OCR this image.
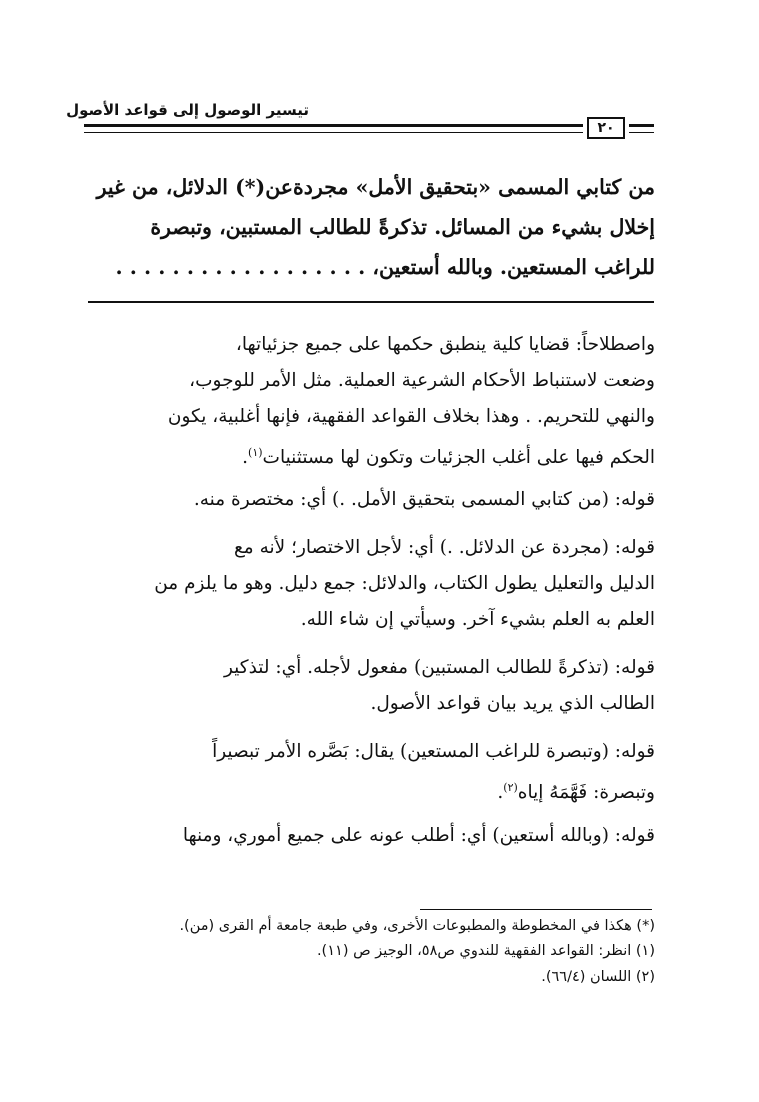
تيسير الوصول إلى قواعد الأصول
٢٠
من كتابي المسمى «بتحقيق الأمل» مجردةعن(*) الدلائل، من غير
إخلال بشيء من المسائل. تذكرةً للطالب المستبين، وتبصرة
للراغب المستعين. وبالله أستعين، . . . . . . . . . . . . . . . . . .
واصطلاحاً: قضايا كلية ينطبق حكمها على جميع جزئياتها،
وضعت لاستنباط الأحكام الشرعية العملية. مثل الأمر للوجوب،
والنهي للتحريم. . وهذا بخلاف القواعد الفقهية، فإنها أغلبية، يكون
الحكم فيها على أغلب الجزئيات وتكون لها مستثنيات$^{(١)}$.
قوله: (من كتابي المسمى بتحقيق الأمل. .) أي: مختصرة منه.
قوله: (مجردة عن الدلائل. .) أي: لأجل الاختصار؛ لأنه مع
الدليل والتعليل يطول الكتاب، والدلائل: جمع دليل. وهو ما يلزم من
العلم به العلم بشيء آخر. وسيأتي إن شاء الله.
قوله: (تذكرةً للطالب المستبين) مفعول لأجله. أي: لتذكير
الطالب الذي يريد بيان قواعد الأصول.
قوله: (وتبصرة للراغب المستعين) يقال: بَصَّره الأمر تبصيراً
وتبصرة: فَهَّمَهُ إياه$^{(٢)}$.
قوله: (وبالله أستعين) أي: أطلب عونه على جميع أموري، ومنها
(*) هكذا في المخطوطة والمطبوعات الأخرى، وفي طبعة جامعة أم القرى (من).
(١) انظر: القواعد الفقهية للندوي ص٥٨، الوجيز ص (١١).
(٢) اللسان (٦٦/٤).
